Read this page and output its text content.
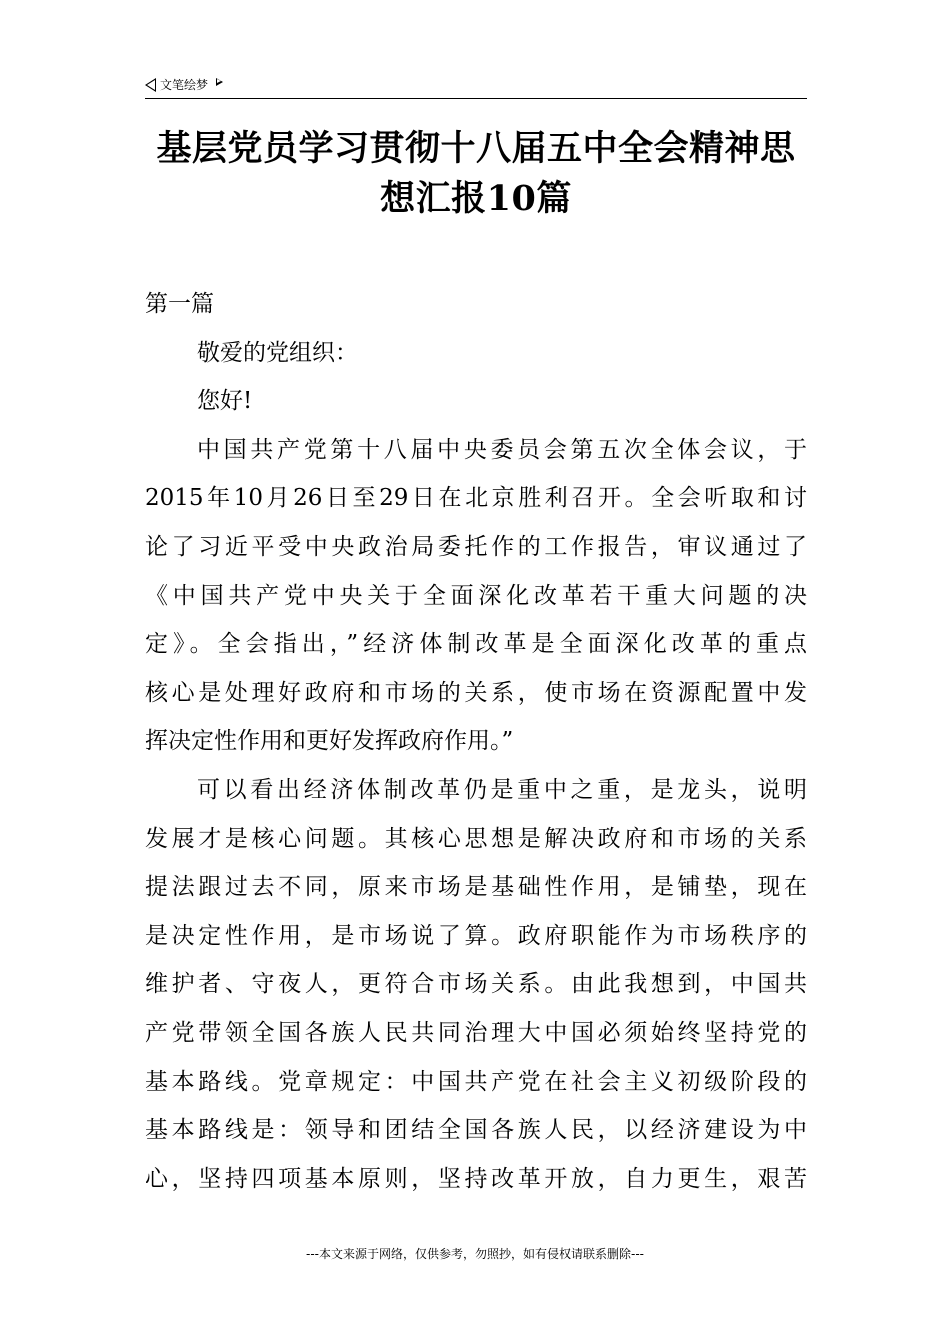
文笔绘梦
基层党员学习贯彻十八届五中全会精神思
想汇报10篇
第一篇
敬爱的党组织：
您好!
中国共产党第十八届中央委员会第五次全体会议，于
2015年10月26日至29日在北京胜利召开。全会听取和讨
论了习近平受中央政治局委托作的工作报告，审议通过了
《中国共产党中央关于全面深化改革若干重大问题的决
定》。全会指出，”经济体制改革是全面深化改革的重点
核心是处理好政府和市场的关系，使市场在资源配置中发
挥决定性作用和更好发挥政府作用。”
可以看出经济体制改革仍是重中之重，是龙头，说明
发展才是核心问题。其核心思想是解决政府和市场的关系
提法跟过去不同，原来市场是基础性作用，是铺垫，现在
是决定性作用，是市场说了算。政府职能作为市场秩序的
维护者、守夜人，更符合市场关系。由此我想到，中国共
产党带领全国各族人民共同治理大中国必须始终坚持党的
基本路线。党章规定：中国共产党在社会主义初级阶段的
基本路线是：领导和团结全国各族人民，以经济建设为中
心，坚持四项基本原则，坚持改革开放，自力更生，艰苦
---本文来源于网络，仅供参考，勿照抄，如有侵权请联系删除---
